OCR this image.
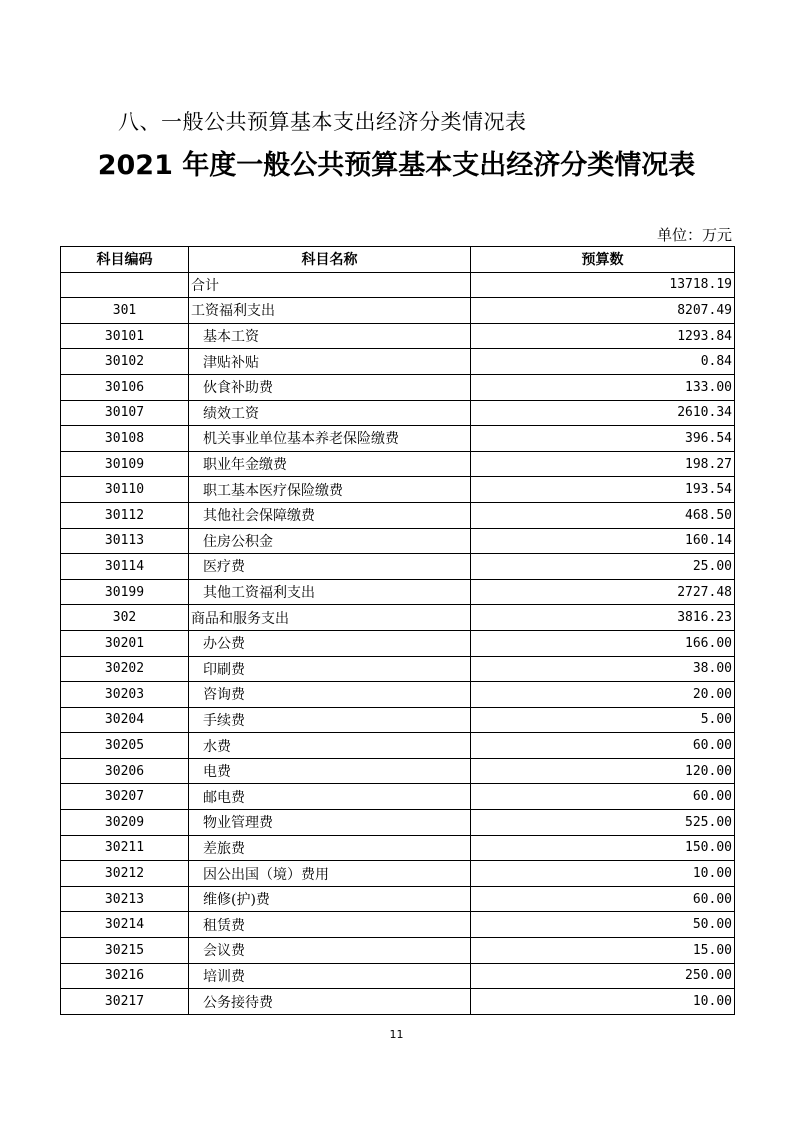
八、一般公共预算基本支出经济分类情况表
2021 年度一般公共预算基本支出经济分类情况表
单位：万元
科目编码	科目名称	预算数
	合计	13718.19
301	工资福利支出	8207.49
30101	基本工资	1293.84
30102	津贴补贴	0.84
30106	伙食补助费	133.00
30107	绩效工资	2610.34
30108	机关事业单位基本养老保险缴费	396.54
30109	职业年金缴费	198.27
30110	职工基本医疗保险缴费	193.54
30112	其他社会保障缴费	468.50
30113	住房公积金	160.14
30114	医疗费	25.00
30199	其他工资福利支出	2727.48
302	商品和服务支出	3816.23
30201	办公费	166.00
30202	印刷费	38.00
30203	咨询费	20.00
30204	手续费	5.00
30205	水费	60.00
30206	电费	120.00
30207	邮电费	60.00
30209	物业管理费	525.00
30211	差旅费	150.00
30212	因公出国（境）费用	10.00
30213	维修(护)费	60.00
30214	租赁费	50.00
30215	会议费	15.00
30216	培训费	250.00
30217	公务接待费	10.00
11
